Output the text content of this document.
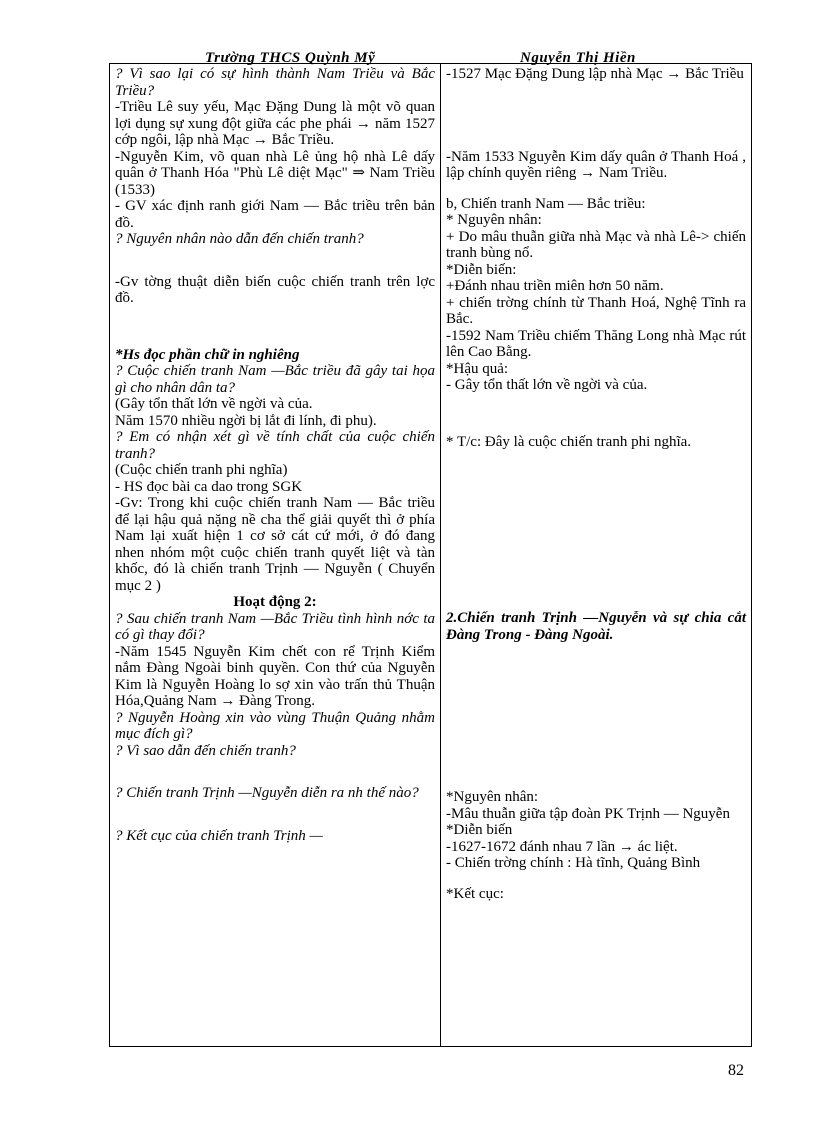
Trường THCS Quỳnh Mỹ	Nguyễn Thị Hiền
? Vì sao lại có sự hình thành Nam Triều và Bắc Triều?
-Triều Lê suy yếu, Mạc Đặng Dung là một võ quan lợi dụng sự xung đột giữa các phe phái → năm 1527 cớp ngôi, lập nhà Mạc → Bắc Triều.
-Nguyễn Kim, võ quan nhà Lê ủng hộ nhà Lê dấy quân ở Thanh Hóa "Phù Lê diệt Mạc" ⇒ Nam Triều (1533)
- GV xác định ranh giới Nam — Bắc triều trên bản đồ.
? Nguyên nhân nào dẫn đến chiến tranh?
-Gv tờng thuật diễn biến cuộc chiến tranh trên lợc đồ.
*Hs đọc phần chữ in nghiêng
? Cuộc chiến tranh Nam —Bắc triều đã gây tai họa gì cho nhân dân ta?
(Gây tổn thất lớn về ngời và của.
Năm 1570 nhiều ngời bị lắt đi lính, đi phu).
? Em có nhận xét gì về tính chất của cuộc chiến tranh?
(Cuộc chiến tranh phi nghĩa)
- HS đọc bài ca dao trong SGK
-Gv: Trong khi cuộc chiến tranh Nam — Bắc triều để lại hậu quả nặng nề cha thể giải quyết thì ở phía Nam lại xuất hiện 1 cơ sở cát cứ mới, ở đó đang nhen nhóm một cuộc chiến tranh quyết liệt và tàn khốc, đó là chiến tranh Trịnh — Nguyễn ( Chuyển mục 2 )
Hoạt động 2:
? Sau chiến tranh Nam —Bắc Triều tình hình nớc ta có gì thay đổi?
-Năm 1545 Nguyễn Kim chết con rể Trịnh Kiểm nắm Đàng Ngoài binh quyền. Con thứ của Nguyễn Kim là Nguyễn Hoàng lo sợ xin vào trấn thủ Thuận Hóa,Quảng Nam → Đàng Trong.
? Nguyễn Hoàng xin vào vùng Thuận Quảng nhằm mục đích gì?
? Vì sao dẫn đến chiến tranh?
? Chiến tranh Trịnh —Nguyễn diễn ra nh thế nào?
? Kết cục của chiến tranh Trịnh —

-1527 Mạc Đặng Dung lập nhà Mạc → Bắc Triều
-Năm 1533 Nguyễn Kim dấy quân ở Thanh Hoá , lập chính quyền riêng → Nam Triều.
b, Chiến tranh Nam — Bắc triều:
* Nguyên nhân:
+ Do mâu thuẫn giữa nhà Mạc và nhà Lê-> chiến tranh bùng nổ.
*Diễn biến:
+Đánh nhau triền miên hơn 50 năm.
+ chiến trờng chính từ Thanh Hoá, Nghệ Tĩnh ra Bắc.
-1592 Nam Triều chiếm Thăng Long nhà Mạc rút lên Cao Bằng.
*Hậu quả:
- Gây tổn thất lớn về ngời và của.
* T/c: Đây là cuộc chiến tranh phi nghĩa.
2.Chiến tranh Trịnh —Nguyễn và sự chia cắt Đàng Trong - Đàng Ngoài.
*Nguyên nhân:
-Mâu thuẫn giữa tập đoàn PK Trịnh — Nguyễn
*Diễn biến
-1627-1672 đánh nhau 7 lần → ác liệt.
- Chiến trờng chính : Hà tĩnh, Quảng Bình
*Kết cục:
82
